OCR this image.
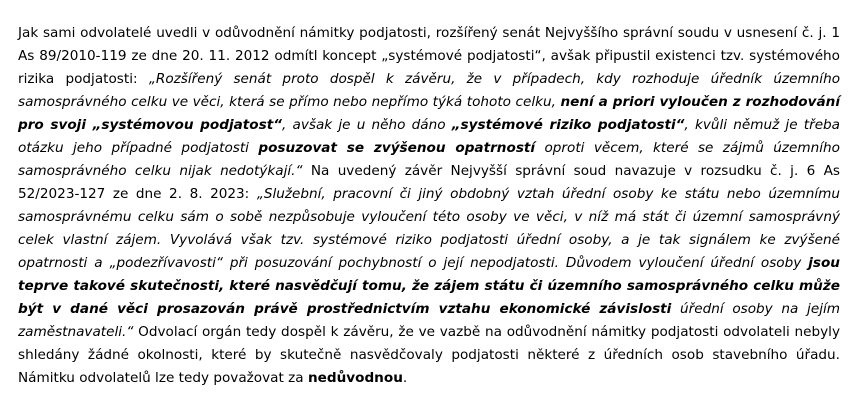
Jak sami odvolatelé uvedli v odůvodnění námitky podjatosti, rozšířený senát Nejvyššího správní soudu v usnesení č. j. 1 As 89/2010-119 ze dne 20. 11. 2012 odmítl koncept „systémové podjatosti“, avšak připustil existenci tzv. systémového rizika podjatosti: „Rozšířený senát proto dospěl k závěru, že v případech, kdy rozhoduje úředník územního samosprávného celku ve věci, která se přímo nebo nepřímo týká tohoto celku, není a priori vyloučen z rozhodování pro svoji „systémovou podjatost“, avšak je u něho dáno „systémové riziko podjatosti“, kvůli němuž je třeba otázku jeho případné podjatosti posuzovat se zvýšenou opatrností oproti věcem, které se zájmů územního samosprávného celku nijak nedotýkají.“ Na uvedený závěr Nejvyšší správní soud navazuje v rozsudku č. j. 6 As 52/2023-127 ze dne 2. 8. 2023: „Služební, pracovní či jiný obdobný vztah úřední osoby ke státu nebo územnímu samosprávnému celku sám o sobě nezpůsobuje vyloučení této osoby ve věci, v níž má stát či územní samosprávný celek vlastní zájem. Vyvolává však tzv. systémové riziko podjatosti úřední osoby, a je tak signálem ke zvýšené opatrnosti a „podezřívavosti“ při posuzování pochybností o její nepodjatosti. Důvodem vyloučení úřední osoby jsou teprve takové skutečnosti, které nasvědčují tomu, že zájem státu či územního samosprávného celku může být v dané věci prosazován právě prostřednictvím vztahu ekonomické závislosti úřední osoby na jejím zaměstnavateli.“ Odvolací orgán tedy dospěl k závěru, že ve vazbě na odůvodnění námitky podjatosti odvolateli nebyly shledány žádné okolnosti, které by skutečně nasvědčovaly podjatosti některé z úředních osob stavebního úřadu. Námitku odvolatelů lze tedy považovat za nedůvodnou.
